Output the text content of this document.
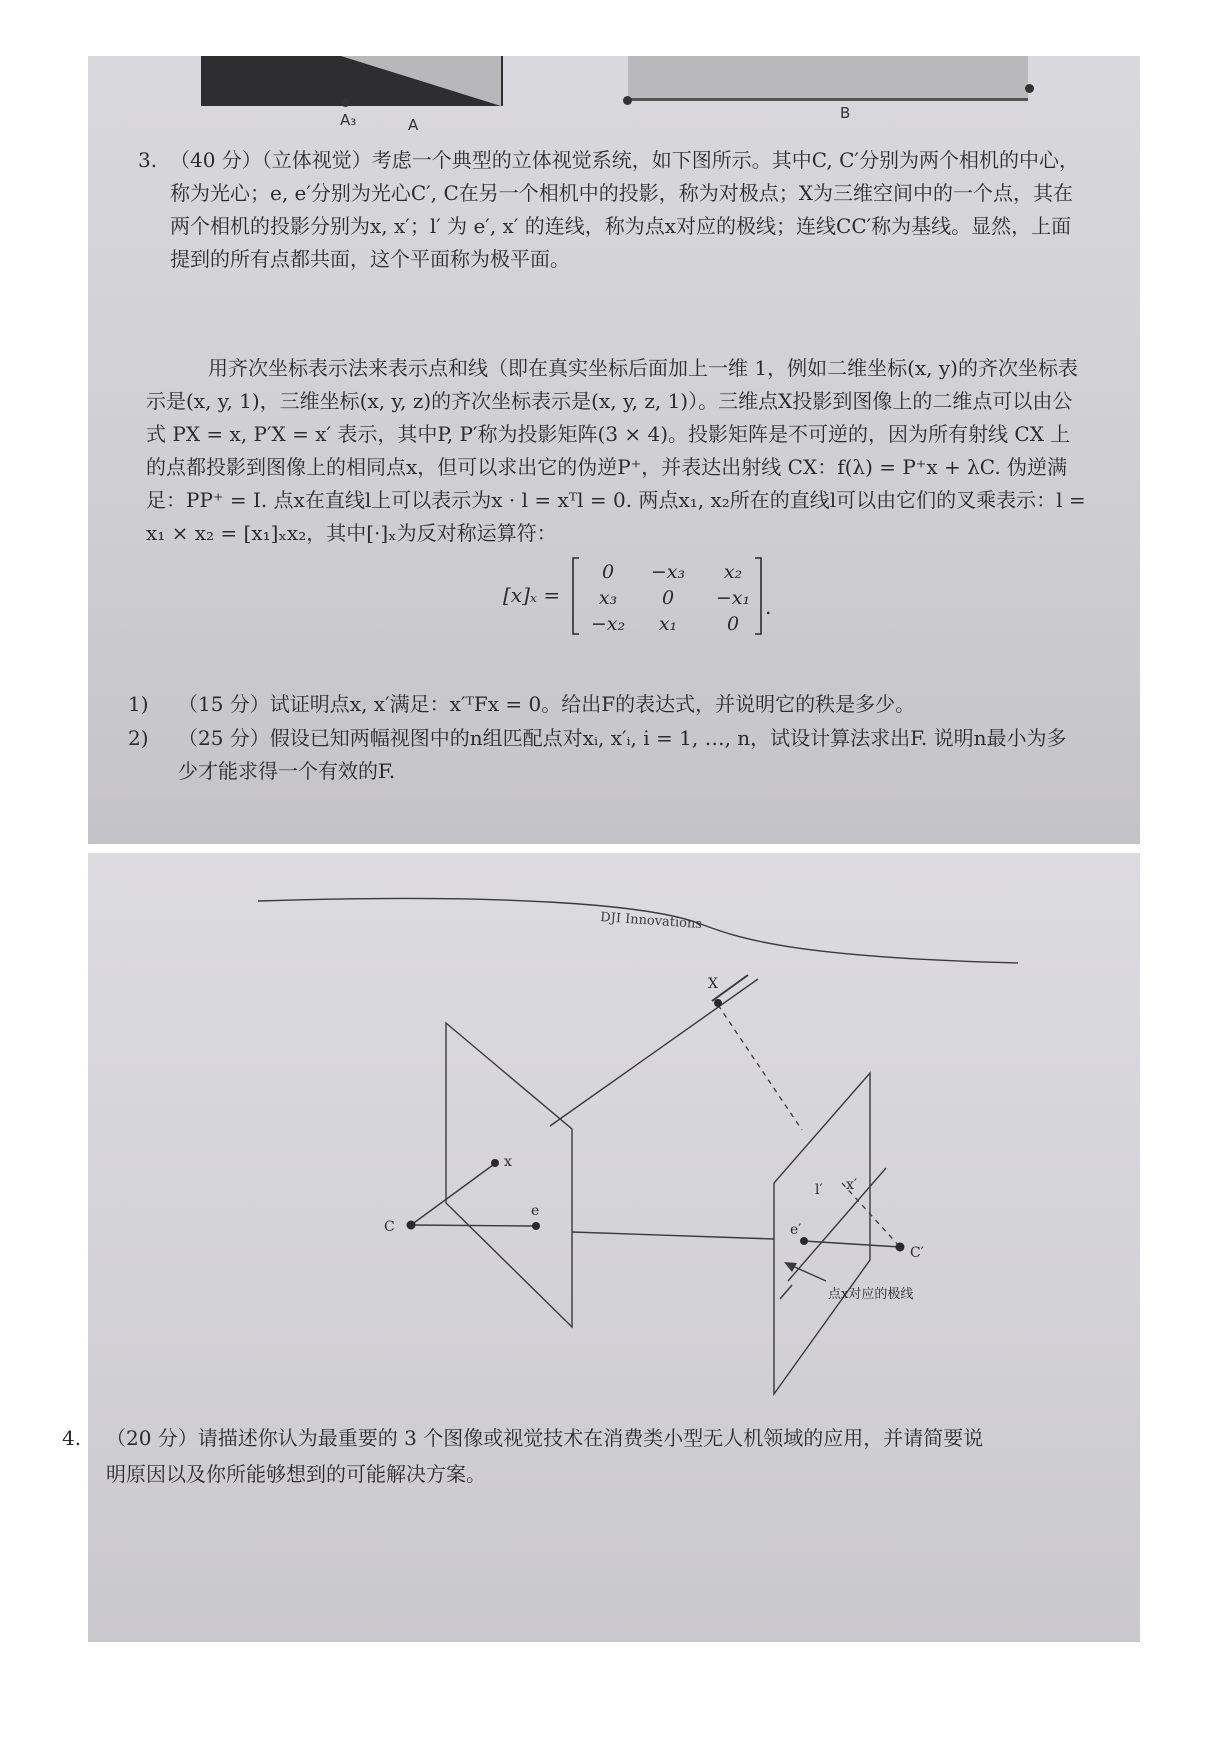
A₃	A
B
3. （40 分）（立体视觉）考虑一个典型的立体视觉系统，如下图所示。其中C, C′分别为两个相机的中心，称为光心；e, e′分别为光心C′, C在另一个相机中的投影，称为对极点；X为三维空间中的一个点，其在两个相机的投影分别为x, x′；l′ 为 e′, x′ 的连线，称为点x对应的极线；连线CC′称为基线。显然，上面提到的所有点都共面，这个平面称为极平面。
用齐次坐标表示法来表示点和线（即在真实坐标后面加上一维 1，例如二维坐标(x, y)的齐次坐标表示是(x, y, 1)，三维坐标(x, y, z)的齐次坐标表示是(x, y, z, 1)）。三维点X投影到图像上的二维点可以由公式 PX = x, P′X = x′ 表示，其中P, P′称为投影矩阵(3 × 4)。投影矩阵是不可逆的，因为所有射线 CX 上的点都投影到图像上的相同点x，但可以求出它的伪逆P⁺，并表达出射线 CX：f(λ) = P⁺x + λC. 伪逆满足：PP⁺ = I. 点x在直线l上可以表示为x · l = xᵀl = 0. 两点x₁, x₂所在的直线l可以由它们的叉乘表示：l = x₁ × x₂ = [x₁]ₓx₂，其中[·]ₓ为反对称运算符：
[x]ₓ =
0 −x₃ x₂
x₃ 0 −x₁
−x₂ x₁	0
.
1) （15 分）试证明点x, x′满足：x′ᵀFx = 0。给出F的表达式，并说明它的秩是多少。
2) （25 分）假设已知两幅视图中的n组匹配点对xᵢ, x′ᵢ, i = 1, …, n，试设计算法求出F. 说明n最小为多少才能求得一个有效的F.
DJI Innovations
X
x
e
C
l′ x′
e′
C′
点x对应的极线
4. （20 分）请描述你认为最重要的 3 个图像或视觉技术在消费类小型无人机领域的应用，并请简要说明原因以及你所能够想到的可能解决方案。
